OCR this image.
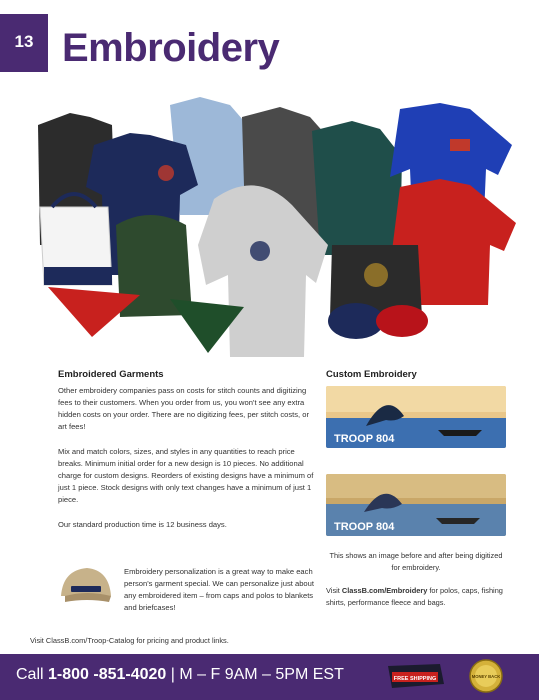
13 Embroidery
Embroidered Garments
Other embroidery companies pass on costs for stitch counts and digitizing fees to their customers. When you order from us, you won't see any extra hidden costs on your order. There are no digitizing fees, per stitch costs, or art fees!
Mix and match colors, sizes, and styles in any quantities to reach price breaks. Minimum initial order for a new design is 10 pieces. No additional charge for custom designs. Reorders of existing designs have a minimum of just 1 piece. Stock designs with only text changes have a minimum of just 1 piece.
Our standard production time is 12 business days.
Embroidery personalization is a great way to make each person's garment special. We can personalize just about any embroidered item – from caps and polos to blankets and briefcases!
Custom Embroidery
TROOP 804
TROOP 804
This shows an image before and after being digitized for embroidery.
Visit ClassB.com/Embroidery for polos, caps, fishing shirts, performance fleece and bags.
Visit ClassB.com/Troop-Catalog for pricing and product links.
Call 1-800 -851-4020 | M – F 9AM – 5PM EST	FREE SHIPPING	MONEY BACK
